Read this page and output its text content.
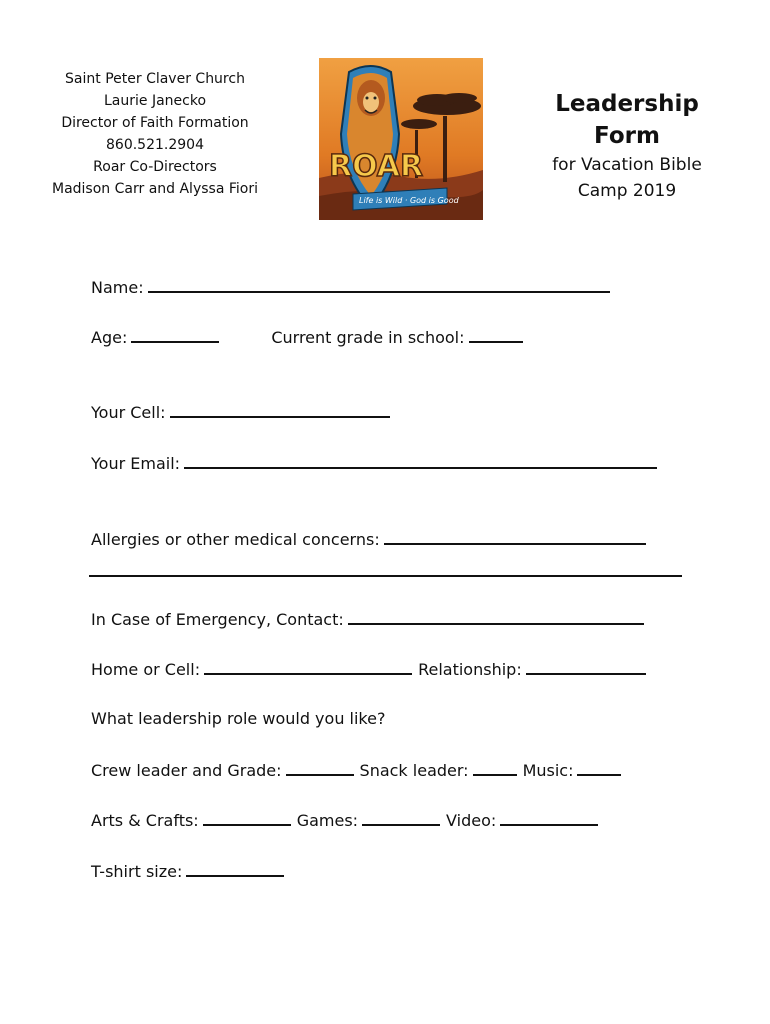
Saint Peter Claver Church
Laurie Janecko
Director of Faith Formation
860.521.2904
Roar Co-Directors
Madison Carr and Alyssa Fiori
ROAR
Life is Wild · God is Good
Leadership Form
for Vacation Bible
Camp 2019
Name:
Age:	Current grade in school:
Your Cell:
Your Email:
Allergies or other medical concerns:
In Case of Emergency, Contact:
Home or Cell:	Relationship:
What leadership role would you like?
Crew leader and Grade:	Snack leader:	Music:
Arts & Crafts:	Games:	Video:
T-shirt size:
